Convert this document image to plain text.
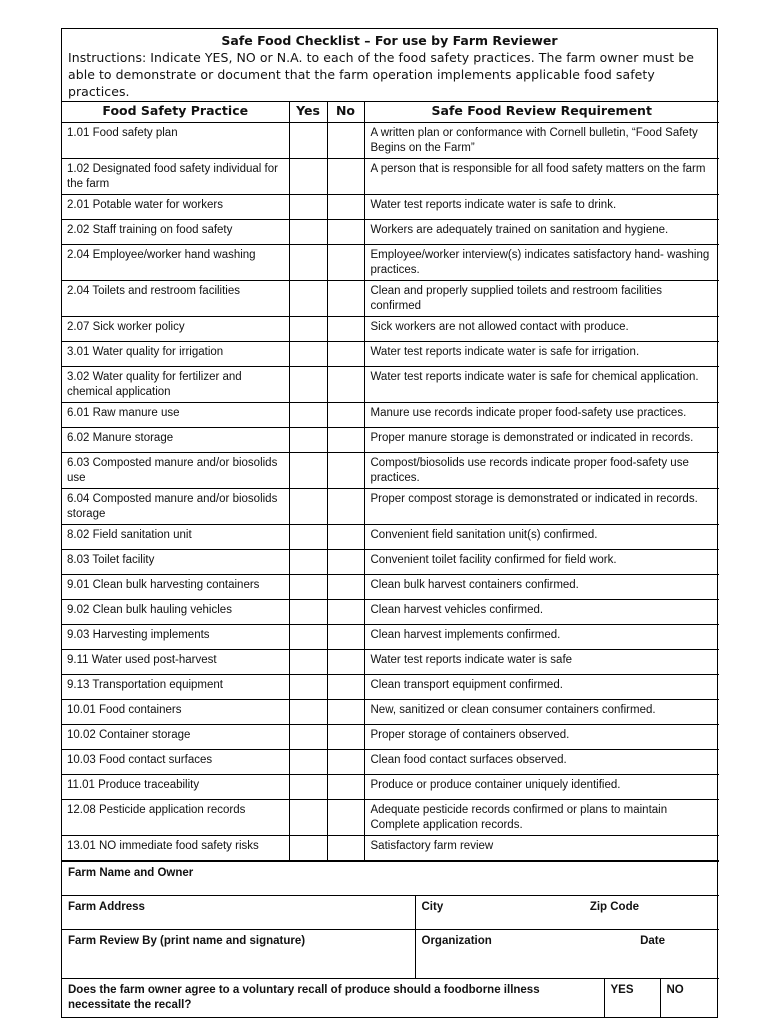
Safe Food Checklist – For use by Farm Reviewer
Instructions: Indicate YES, NO or N.A. to each of the food safety practices. The farm owner must be able to demonstrate or document that the farm operation implements applicable food safety practices.
Food Safety Practice	Yes	No	Safe Food Review Requirement
1.01 Food safety plan			A written plan or conformance with Cornell bulletin, “Food Safety Begins on the Farm”
1.02 Designated food safety individual for the farm			A person that is responsible for all food safety matters on the farm
2.01 Potable water for workers			Water test reports indicate water is safe to drink.
2.02 Staff training on food safety			Workers are adequately trained on sanitation and hygiene.
2.04 Employee/worker hand washing			Employee/worker interview(s) indicates satisfactory hand- washing practices.
2.04 Toilets and restroom facilities			Clean and properly supplied toilets and restroom facilities confirmed
2.07 Sick worker policy			Sick workers are not allowed contact with produce.
3.01 Water quality for irrigation			Water test reports indicate water is safe for irrigation.
3.02 Water quality for fertilizer and chemical application			Water test reports indicate water is safe for chemical application.
6.01 Raw manure use			Manure use records indicate proper food-safety use practices.
6.02 Manure storage			Proper manure storage is demonstrated or indicated in records.
6.03 Composted manure and/or biosolids use			Compost/biosolids use records indicate proper food-safety use practices.
6.04 Composted manure and/or biosolids storage			Proper compost storage is demonstrated or indicated in records.
8.02 Field sanitation unit			Convenient field sanitation unit(s) confirmed.
8.03 Toilet facility			Convenient toilet facility confirmed for field work.
9.01 Clean bulk harvesting containers			Clean bulk harvest containers confirmed.
9.02 Clean bulk hauling vehicles			Clean harvest vehicles confirmed.
9.03 Harvesting implements			Clean harvest implements confirmed.
9.11 Water used post-harvest			Water test reports indicate water is safe
9.13 Transportation equipment			Clean transport equipment confirmed.
10.01 Food containers			New, sanitized or clean consumer containers confirmed.
10.02 Container storage			Proper storage of containers observed.
10.03 Food contact surfaces			Clean food contact surfaces observed.
11.01 Produce traceability			Produce or produce container uniquely identified.
12.08 Pesticide application records			Adequate pesticide records confirmed or plans to maintain Complete application records.
13.01 NO immediate food safety risks			Satisfactory farm review
Farm Name and Owner			
Farm Address	City Zip Code		

Farm Review By (print name and signature)	Organization Date		

Does the farm owner agree to a voluntary recall of produce should a foodborne illness necessitate the recall?		YES	NO
